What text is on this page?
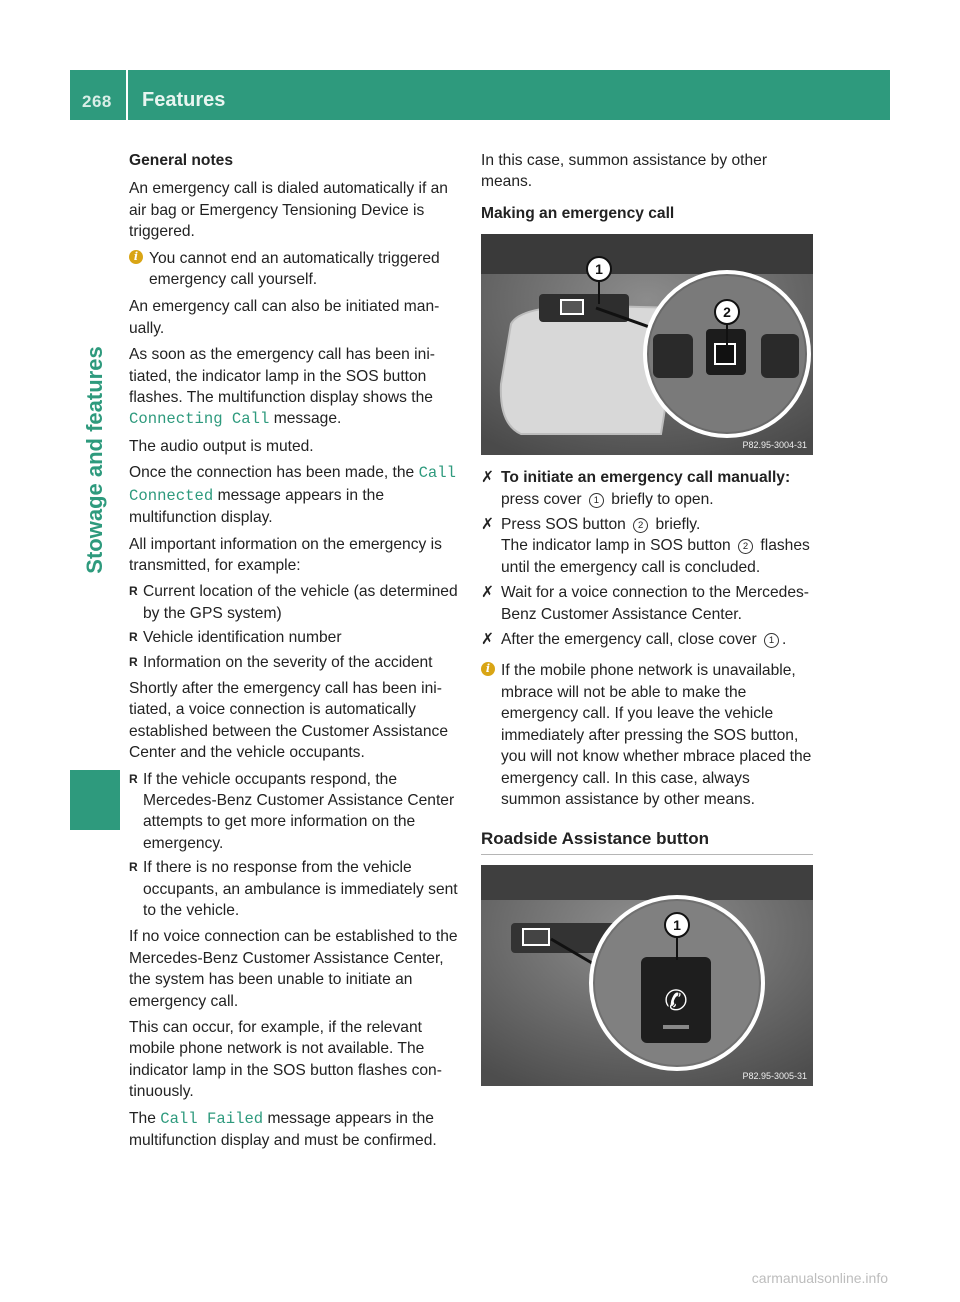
268 Features
Stowage and features
General notes

An emergency call is dialed automatically if an air bag or Emergency Tensioning Device is triggered.

i You cannot end an automatically triggered emergency call yourself.

An emergency call can also be initiated manually.

As soon as the emergency call has been initiated, the indicator lamp in the SOS button flashes. The multifunction display shows the Connecting Call message.

The audio output is muted.

Once the connection has been made, the Call Connected message appears in the multifunction display.

All important information on the emergency is transmitted, for example:

R Current location of the vehicle (as determined by the GPS system)
R Vehicle identification number
R Information on the severity of the accident

Shortly after the emergency call has been initiated, a voice connection is automatically established between the Customer Assistance Center and the vehicle occupants.

R If the vehicle occupants respond, the Mercedes-Benz Customer Assistance Center attempts to get more information on the emergency.
R If there is no response from the vehicle occupants, an ambulance is immediately sent to the vehicle.

If no voice connection can be established to the Mercedes-Benz Customer Assistance Center, the system has been unable to initiate an emergency call.

This can occur, for example, if the relevant mobile phone network is not available. The indicator lamp in the SOS button flashes continuously.

The Call Failed message appears in the multifunction display and must be confirmed.

In this case, summon assistance by other means.

Making an emergency call
2
1
P82.95-3004-31
✗ To initiate an emergency call manually:
press cover 1 briefly to open.
✗ Press SOS button 2 briefly.
The indicator lamp in SOS button 2 flashes until the emergency call is concluded.
✗ Wait for a voice connection to the Mercedes-Benz Customer Assistance Center.
✗ After the emergency call, close cover 1 .
i If the mobile phone network is unavailable, mbrace will not be able to make the emergency call. If you leave the vehicle immediately after pressing the SOS button, you will not know whether mbrace placed the emergency call. In this case, always summon assistance by other means.
Roadside Assistance button
✆
1
P82.95-3005-31
carmanualsonline.info
